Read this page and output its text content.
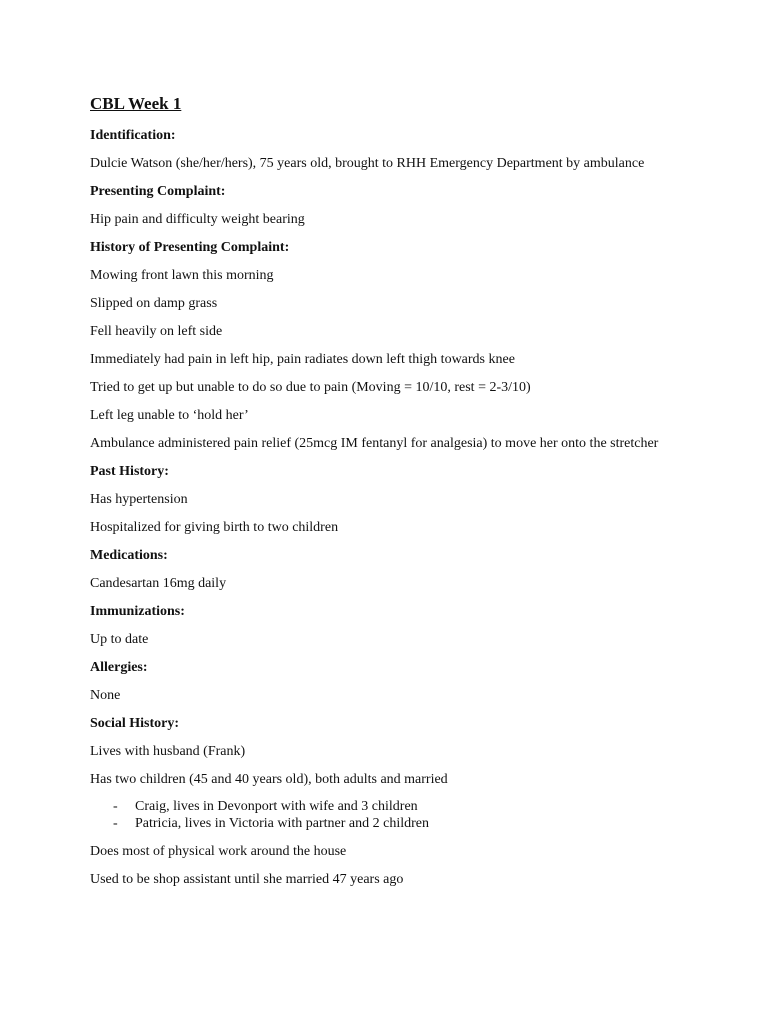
CBL Week 1
Identification:
Dulcie Watson (she/her/hers), 75 years old, brought to RHH Emergency Department by ambulance
Presenting Complaint:
Hip pain and difficulty weight bearing
History of Presenting Complaint:
Mowing front lawn this morning
Slipped on damp grass
Fell heavily on left side
Immediately had pain in left hip, pain radiates down left thigh towards knee
Tried to get up but unable to do so due to pain (Moving = 10/10, rest = 2-3/10)
Left leg unable to ‘hold her’
Ambulance administered pain relief (25mcg IM fentanyl for analgesia) to move her onto the stretcher
Past History:
Has hypertension
Hospitalized for giving birth to two children
Medications:
Candesartan 16mg daily
Immunizations:
Up to date
Allergies:
None
Social History:
Lives with husband (Frank)
Has two children (45 and 40 years old), both adults and married
- Craig, lives in Devonport with wife and 3 children
- Patricia, lives in Victoria with partner and 2 children
Does most of physical work around the house
Used to be shop assistant until she married 47 years ago
